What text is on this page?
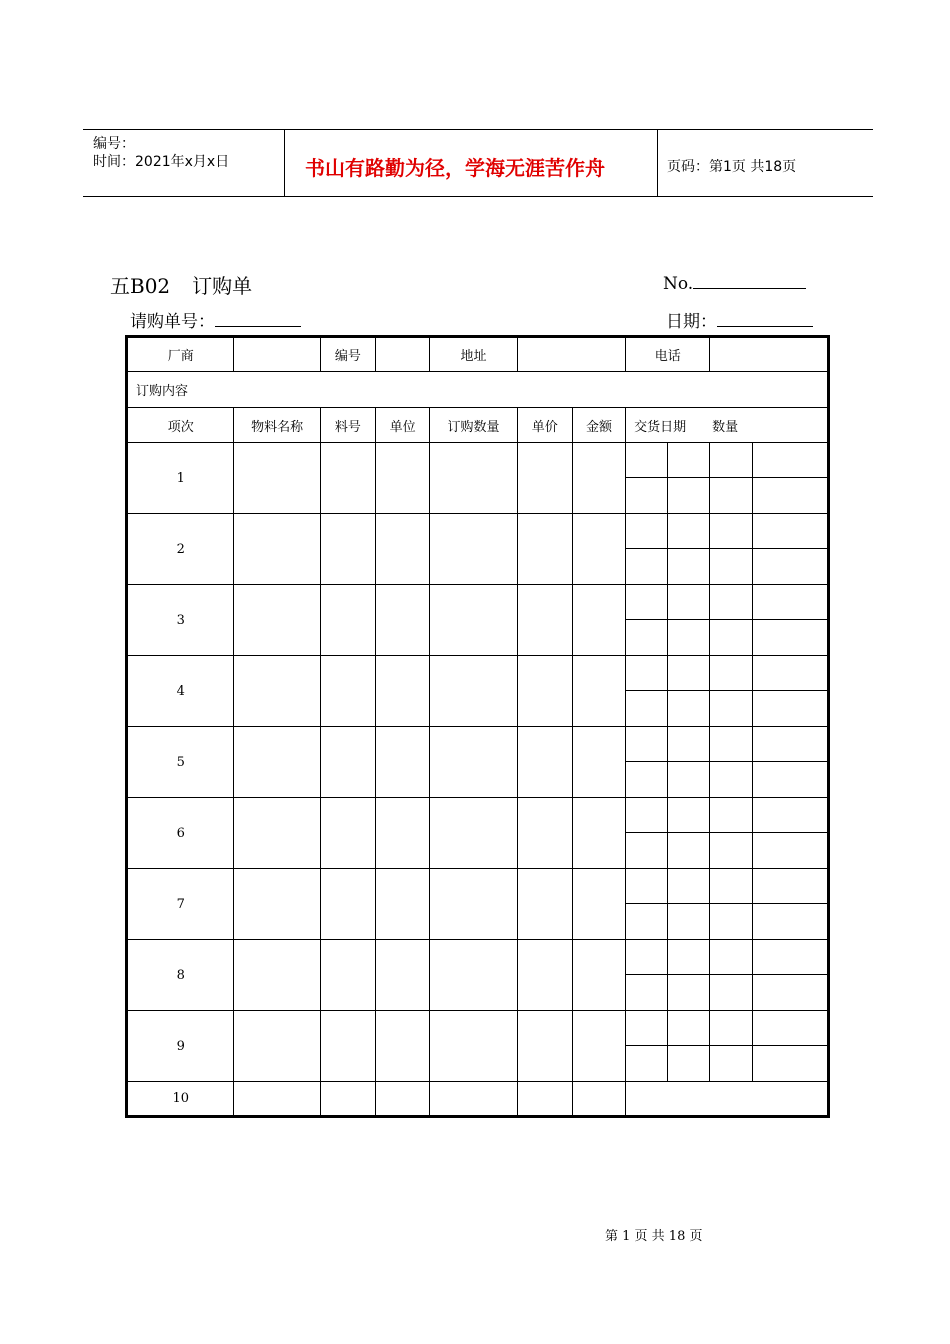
编号：
时间：2021年x月x日	书山有路勤为径，学海无涯苦作舟	页码：第1页 共18页
五B02 订购单	No.
请购单号：	日期：
厂商		编号		地址			电话			
订购内容										
项次	物料名称	料号	单位	订购数量	单价	金额	交货日期 数量			
1										

2										

3										

4										

5										

6										

7										

8										

9										

10										
第 1 页 共 18 页
